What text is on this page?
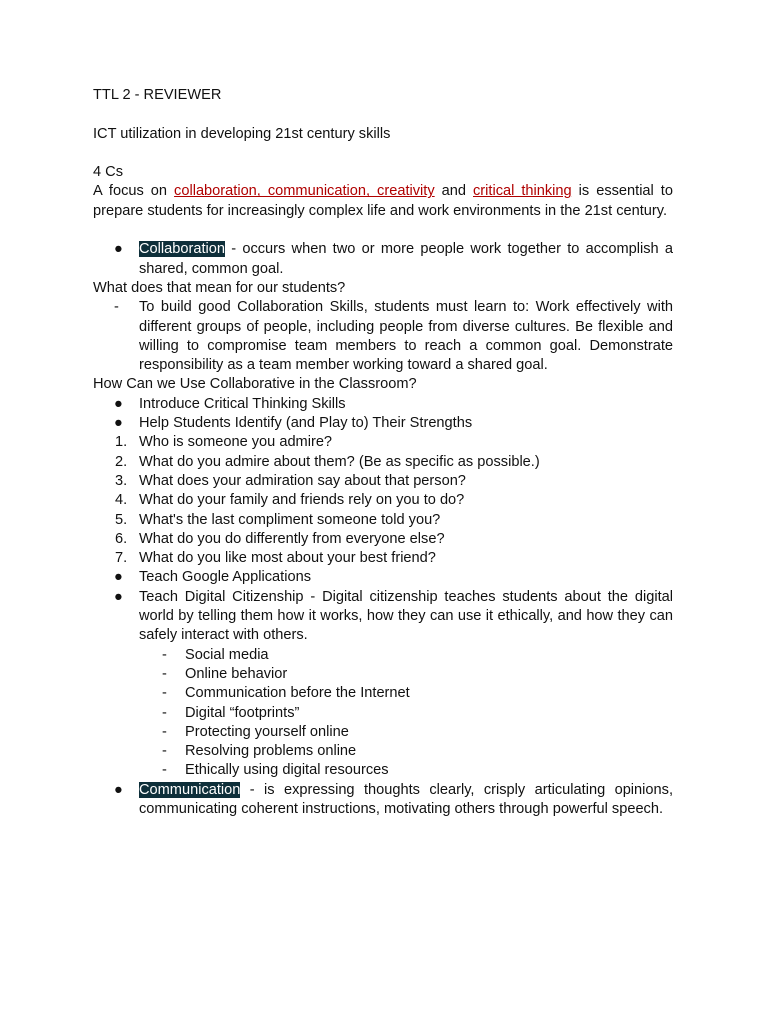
TTL 2 - REVIEWER

ICT utilization in developing 21st century skills

4 Cs

A focus on collaboration, communication, creativity and critical thinking is essential to prepare students for increasingly complex life and work environments in the 21st century.

●	Collaboration - occurs when two or more people work together to accomplish a shared, common goal.

What does that mean for our students?

-	To build good Collaboration Skills, students must learn to: Work effectively with different groups of people, including people from diverse cultures. Be flexible and willing to compromise team members to reach a common goal. Demonstrate responsibility as a team member working toward a shared goal.

How Can we Use Collaborative in the Classroom?

●	Introduce Critical Thinking Skills
●	Help Students Identify (and Play to) Their Strengths
1. Who is someone you admire?
2. What do you admire about them? (Be as specific as possible.)
3. What does your admiration say about that person?
4. What do your family and friends rely on you to do?
5. What's the last compliment someone told you?
6. What do you do differently from everyone else?
7. What do you like most about your best friend?
●	Teach Google Applications
●	Teach Digital Citizenship - Digital citizenship teaches students about the digital world by telling them how it works, how they can use it ethically, and how they can safely interact with others.
- Social media
- Online behavior
- Communication before the Internet
- Digital “footprints”
- Protecting yourself online
- Resolving problems online
- Ethically using digital resources
●	Communication - is expressing thoughts clearly, crisply articulating opinions, communicating coherent instructions, motivating others through powerful speech.
